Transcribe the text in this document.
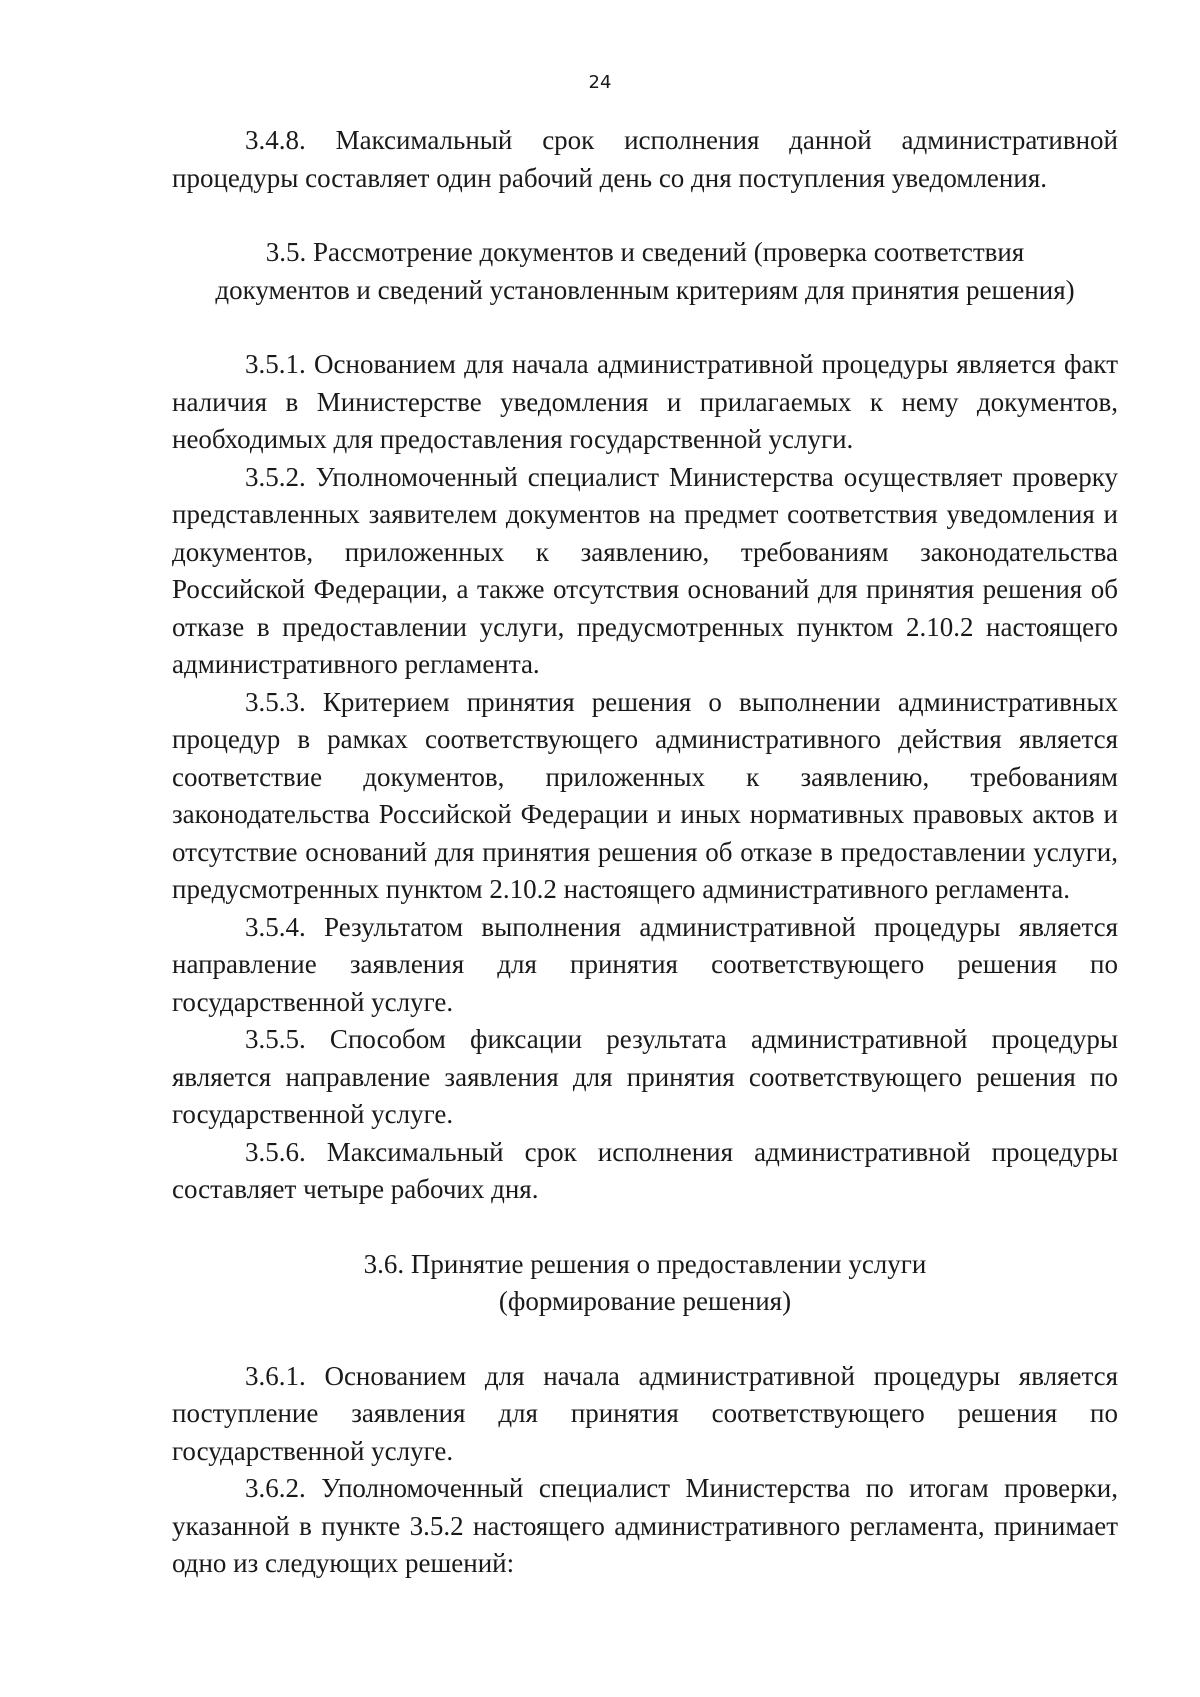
24

3.4.8. Максимальный срок исполнения данной административной процедуры составляет один рабочий день со дня поступления уведомления.

3.5. Рассмотрение документов и сведений (проверка соответствия
документов и сведений установленным критериям для принятия решения)

3.5.1. Основанием для начала административной процедуры является факт наличия в Министерстве уведомления и прилагаемых к нему документов, необходимых для предоставления государственной услуги.

3.5.2. Уполномоченный специалист Министерства осуществляет проверку представленных заявителем документов на предмет соответствия уведомления и документов, приложенных к заявлению, требованиям законодательства Российской Федерации, а также отсутствия оснований для принятия решения об отказе в предоставлении услуги, предусмотренных пунктом 2.10.2 настоящего административного регламента.

3.5.3. Критерием принятия решения о выполнении административных процедур в рамках соответствующего административного действия является соответствие документов, приложенных к заявлению, требованиям законодательства Российской Федерации и иных нормативных правовых актов и отсутствие оснований для принятия решения об отказе в предоставлении услуги, предусмотренных пунктом 2.10.2 настоящего административного регламента.

3.5.4. Результатом выполнения административной процедуры является направление заявления для принятия соответствующего решения по государственной услуге.

3.5.5. Способом фиксации результата административной процедуры является направление заявления для принятия соответствующего решения по государственной услуге.

3.5.6. Максимальный срок исполнения административной процедуры составляет четыре рабочих дня.

3.6. Принятие решения о предоставлении услуги
(формирование решения)

3.6.1. Основанием для начала административной процедуры является поступление заявления для принятия соответствующего решения по государственной услуге.

3.6.2. Уполномоченный специалист Министерства по итогам проверки, указанной в пункте 3.5.2 настоящего административного регламента, принимает одно из следующих решений:
